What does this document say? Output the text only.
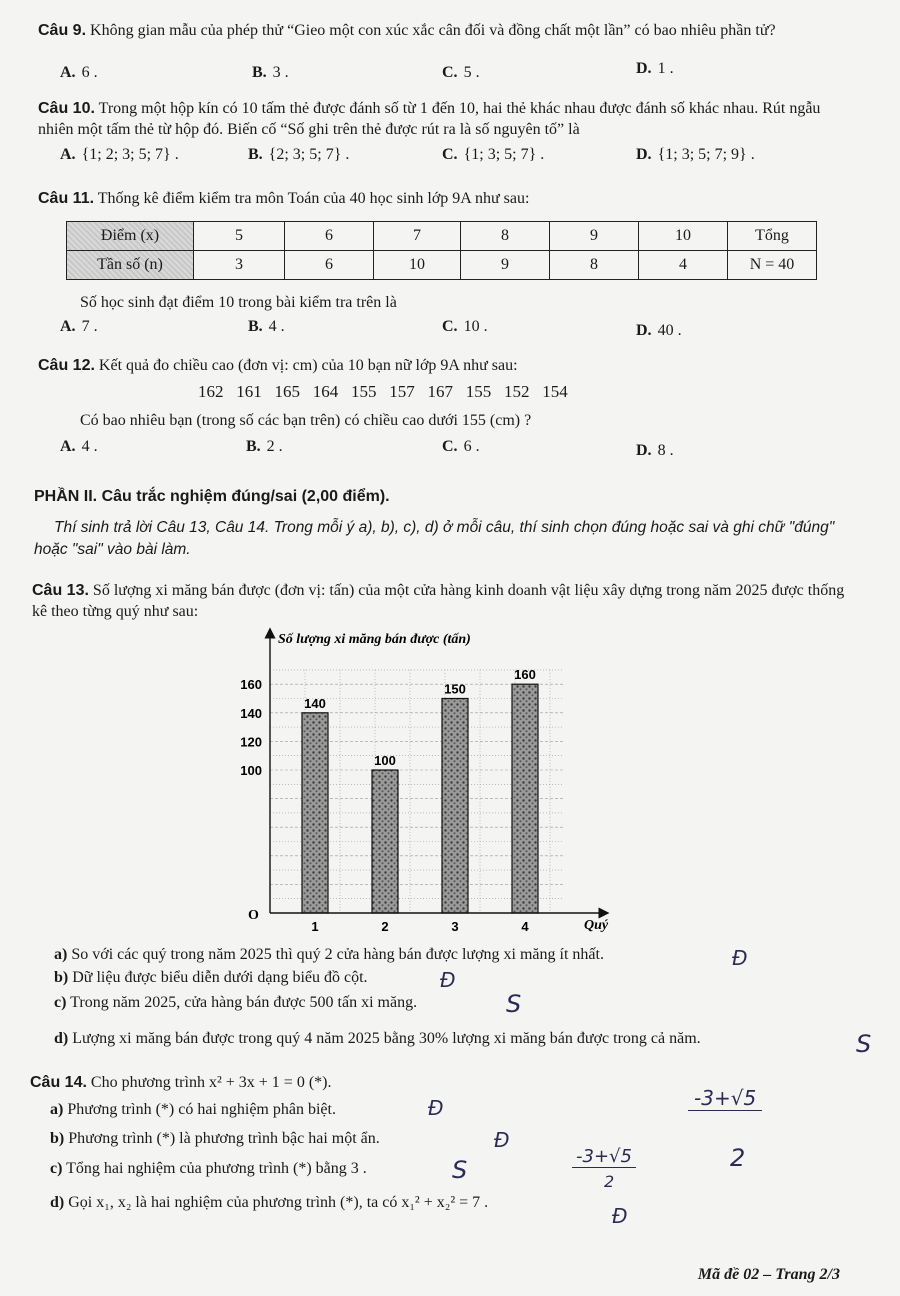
Câu 9. Không gian mẫu của phép thử “Gieo một con xúc xắc cân đối và đồng chất một lần” có bao nhiêu phần tử?
A. 6 .	B. 3 .	C. 5 .	D. 1 .
Câu 10. Trong một hộp kín có 10 tấm thẻ được đánh số từ 1 đến 10, hai thẻ khác nhau được đánh số khác nhau. Rút ngẫu nhiên một tấm thẻ từ hộp đó. Biến cố “Số ghi trên thẻ được rút ra là số nguyên tố” là
A. {1; 2; 3; 5; 7} .	B. {2; 3; 5; 7} .	C. {1; 3; 5; 7} .	D. {1; 3; 5; 7; 9} .
Câu 11. Thống kê điểm kiểm tra môn Toán của 40 học sinh lớp 9A như sau:
Điểm (x)	5	6	7	8	9	10	Tổng
Tần số (n)	3	6	10	9	8	4	N = 40
Số học sinh đạt điểm 10 trong bài kiểm tra trên là
A. 7 .	B. 4 .	C. 10 .	D. 40 .
Câu 12. Kết quả đo chiều cao (đơn vị: cm) của 10 bạn nữ lớp 9A như sau:
162   161   165   164   155   157   167   155   152   154
Có bao nhiêu bạn (trong số các bạn trên) có chiều cao dưới 155 (cm) ?
A. 4 .	B. 2 .	C. 6 .	D. 8 .
PHẦN II. Câu trắc nghiệm đúng/sai (2,00 điểm).
Thí sinh trả lời Câu 13, Câu 14. Trong mỗi ý a), b), c), d) ở mỗi câu, thí sinh chọn đúng hoặc sai và ghi chữ "đúng" hoặc "sai" vào bài làm.
Câu 13. Số lượng xi măng bán được (đơn vị: tấn) của một cửa hàng kinh doanh vật liệu xây dựng trong năm 2025 được thống kê theo từng quý như sau:
140
1
100
2
150
3
160
4
100
120
140
160
O
Quý
Số lượng xi măng bán được (tấn)
a) So với các quý trong năm 2025 thì quý 2 cửa hàng bán được lượng xi măng ít nhất.
b) Dữ liệu được biểu diễn dưới dạng biểu đồ cột.
c) Trong năm 2025, cửa hàng bán được 500 tấn xi măng.
d) Lượng xi măng bán được trong quý 4 năm 2025 bằng 30% lượng xi măng bán được trong cả năm.
Đ
Đ
S
S
Câu 14. Cho phương trình x² + 3x + 1 = 0 (*).
a) Phương trình (*) có hai nghiệm phân biệt.
b) Phương trình (*) là phương trình bậc hai một ẩn.
c) Tổng hai nghiệm của phương trình (*) bằng 3 .
d) Gọi x₁, x₂ là hai nghiệm của phương trình (*), ta có x₁² + x₂² = 7 .
Đ
Đ
S
Đ
-3+√5
2
-3+√5
2
Mã đề 02 – Trang 2/3
